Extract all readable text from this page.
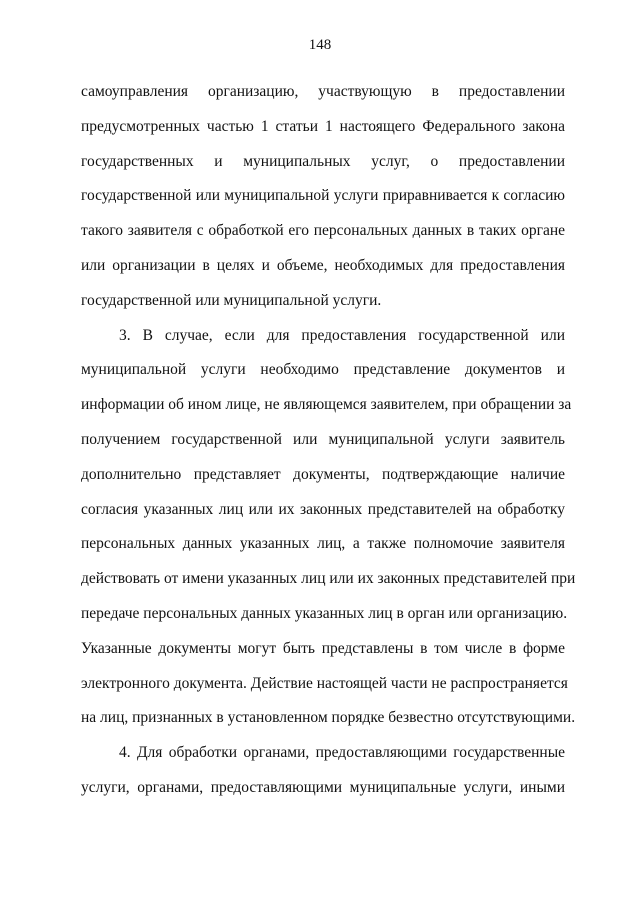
148
самоуправления организацию, участвующую в предоставлении
предусмотренных частью 1 статьи 1 настоящего Федерального закона
государственных и муниципальных услуг, о предоставлении
государственной или муниципальной услуги приравнивается к согласию
такого заявителя с обработкой его персональных данных в таких органе
или организации в целях и объеме, необходимых для предоставления
государственной или муниципальной услуги.
3. В случае, если для предоставления государственной или
муниципальной услуги необходимо представление документов и
информации об ином лице, не являющемся заявителем, при обращении за
получением государственной или муниципальной услуги заявитель
дополнительно представляет документы, подтверждающие наличие
согласия указанных лиц или их законных представителей на обработку
персональных данных указанных лиц, а также полномочие заявителя
действовать от имени указанных лиц или их законных представителей при
передаче персональных данных указанных лиц в орган или организацию.
Указанные документы могут быть представлены в том числе в форме
электронного документа. Действие настоящей части не распространяется
на лиц, признанных в установленном порядке безвестно отсутствующими.
4. Для обработки органами, предоставляющими государственные
услуги, органами, предоставляющими муниципальные услуги, иными
